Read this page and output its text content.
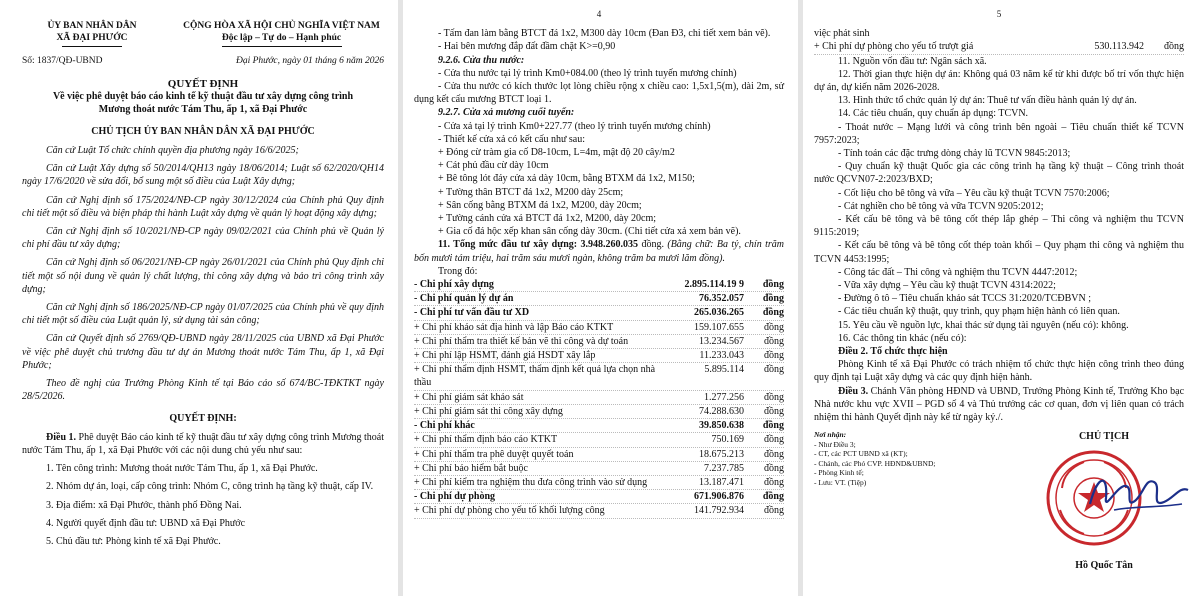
ỦY BAN NHÂN DÂN
XÃ ĐẠI PHƯỚC
CỘNG HÒA XÃ HỘI CHỦ NGHĨA VIỆT NAM
Độc lập – Tự do – Hạnh phúc
Số: 1837/QĐ-UBND	Đại Phước, ngày 01 tháng 6 năm 2026
QUYẾT ĐỊNH
Về việc phê duyệt báo cáo kinh tế kỹ thuật đầu tư xây dựng công trình
Mương thoát nước Tám Thu, ấp 1, xã Đại Phước
CHỦ TỊCH ỦY BAN NHÂN DÂN XÃ ĐẠI PHƯỚC

Căn cứ Luật Tổ chức chính quyền địa phương ngày 16/6/2025;

Căn cứ Luật Xây dựng số 50/2014/QH13 ngày 18/06/2014; Luật số 62/2020/QH14 ngày 17/6/2020 về sửa đổi, bổ sung một số điều của Luật Xây dựng;

Căn cứ Nghị định số 175/2024/NĐ-CP ngày 30/12/2024 của Chính phủ Quy định chi tiết một số điều và biện pháp thi hành Luật xây dựng về quản lý hoạt động xây dựng;

Căn cứ Nghị định số 10/2021/NĐ-CP ngày 09/02/2021 của Chính phủ về Quản lý chi phí đầu tư xây dựng;

Căn cứ Nghị định số 06/2021/NĐ-CP ngày 26/01/2021 của Chính phủ Quy định chi tiết một số nội dung về quản lý chất lượng, thi công xây dựng và bảo trì công trình xây dựng;

Căn cứ Nghị định số 186/2025/NĐ-CP ngày 01/07/2025 của Chính phủ về quy định chi tiết một số điều của Luật quản lý, sử dụng tài sản công;

Căn cứ Quyết định số 2769/QĐ-UBND ngày 28/11/2025 của UBND xã Đại Phước về việc phê duyệt chủ trương đầu tư dự án Mương thoát nước Tám Thu, ấp 1, xã Đại Phước;

Theo đề nghị của Trưởng Phòng Kinh tế tại Báo cáo số 674/BC-TĐKTKT ngày 28/5/2026.

QUYẾT ĐỊNH:

Điều 1. Phê duyệt Báo cáo kinh tế kỹ thuật đầu tư xây dựng công trình Mương thoát nước Tám Thu, ấp 1, xã Đại Phước với các nội dung chủ yếu như sau:

1. Tên công trình: Mương thoát nước Tám Thu, ấp 1, xã Đại Phước.

2. Nhóm dự án, loại, cấp công trình: Nhóm C, công trình hạ tầng kỹ thuật, cấp IV.

3. Địa điểm: xã Đại Phước, thành phố Đồng Nai.

4. Người quyết định đầu tư: UBND xã Đại Phước

5. Chủ đầu tư: Phòng kinh tế xã Đại Phước.

4

- Tấm đan làm bằng BTCT đá 1x2, M300 dày 10cm (Đan Đ3, chi tiết xem bản vẽ).

- Hai bên mương đắp đất đầm chặt K>=0,90

9.2.6. Cửa thu nước:

- Cửa thu nước tại lý trình Km0+084.00 (theo lý trình tuyến mương chính)

- Cửa thu nước có kích thước lọt lòng chiều rộng x chiều cao: 1,5x1,5(m), dài 2m, sử dụng kết cấu mương BTCT loại 1.

9.2.7. Cửa xả mương cuối tuyến:

- Cửa xả tại lý trình Km0+227.77 (theo lý trình tuyến mương chính)

- Thiết kế cửa xả có kết cấu như sau:

+ Đóng cừ tràm gia cố D8-10cm, L=4m, mật độ 20 cây/m2

+ Cát phủ đầu cừ dày 10cm

+ Bê tông lót đáy cửa xả dày 10cm, bằng BTXM đá 1x2, M150;

+ Tường thân BTCT đá 1x2, M200 dày 25cm;

+ Sân cống bằng BTXM đá 1x2, M200, dày 20cm;

+ Tường cánh cửa xả BTCT đá 1x2, M200, dày 20cm;

+ Gia cố đá hộc xếp khan sân cống dày 30cm. (Chi tiết cửa xả xem bản vẽ).

11. Tổng mức đầu tư xây dựng: 3.948.260.035 đồng. (Bằng chữ: Ba tỷ, chín trăm bốn mươi tám triệu, hai trăm sáu mươi ngàn, không trăm ba mươi lăm đồng).

Trong đó:

- Chi phí xây dựng	2.895.114.19 9	đồng
- Chi phí quản lý dự án	76.352.057	đồng
- Chi phí tư vấn đầu tư XD	265.036.265	đồng
+ Chi phí khảo sát địa hình và lập Báo cáo KTKT	159.107.655	đồng
+ Chi phí thẩm tra thiết kế bản vẽ thi công và dự toán	13.234.567	đồng
+ Chi phí lập HSMT, đánh giá HSDT xây lắp	11.233.043	đồng
+ Chi phí thẩm định HSMT, thẩm định kết quả lựa chọn nhà thầu
5.895.114	đồng
+ Chi phí giám sát khảo sát	1.277.256	đồng
+ Chi phí giám sát thi công xây dựng	74.288.630	đồng
- Chi phí khác	39.850.638	đồng
+ Chi phí thẩm định báo cáo KTKT	750.169	đồng
+ Chi phí thẩm tra phê duyệt quyết toán	18.675.213	đồng
+ Chi phí bảo hiểm bắt buộc	7.237.785	đồng
+ Chi phí kiểm tra nghiệm thu đưa công trình vào sử dụng	13.187.471	đồng
- Chi phí dự phòng	671.906.876	đồng
+ Chi phí dự phòng cho yếu tố khối lượng công	141.792.934	đồng
5

việc phát sinh

+ Chi phí dự phòng cho yếu tố trượt giá	530.113.942	đồng

11. Nguồn vốn đầu tư: Ngân sách xã.

12. Thời gian thực hiện dự án: Không quá 03 năm kể từ khi được bố trí vốn thực hiện dự án, dự kiến năm 2026-2028.

13. Hình thức tổ chức quản lý dự án: Thuê tư vấn điều hành quản lý dự án.

14. Các tiêu chuẩn, quy chuẩn áp dụng: TCVN.

- Thoát nước – Mạng lưới và công trình bên ngoài – Tiêu chuẩn thiết kế TCVN 7957:2023;

- Tính toán các đặc trưng dòng chảy lũ TCVN 9845:2013;

- Quy chuẩn kỹ thuật Quốc gia các công trình hạ tầng kỹ thuật – Công trình thoát nước QCVN07-2:2023/BXD;

- Cốt liệu cho bê tông và vữa – Yêu cầu kỹ thuật TCVN 7570:2006;

- Cát nghiền cho bê tông và vữa TCVN 9205:2012;

- Kết cấu bê tông và bê tông cốt thép lắp ghép – Thi công và nghiệm thu TCVN 9115:2019;

- Kết cấu bê tông và bê tông cốt thép toàn khối – Quy phạm thi công và nghiệm thu TCVN 4453:1995;

- Công tác đất – Thi công và nghiệm thu TCVN 4447:2012;

- Vữa xây dựng – Yêu cầu kỹ thuật TCVN 4314:2022;

- Đường ô tô – Tiêu chuẩn khảo sát TCCS 31:2020/TCĐBVN ;

- Các tiêu chuẩn kỹ thuật, quy trình, quy phạm hiện hành có liên quan.

15. Yêu cầu về nguồn lực, khai thác sử dụng tài nguyên (nếu có): không.

16. Các thông tin khác (nếu có):

Điều 2. Tổ chức thực hiện

Phòng Kinh tế xã Đại Phước có trách nhiệm tổ chức thực hiện công trình theo đúng quy định tại Luật xây dựng và các quy định hiện hành.

Điều 3. Chánh Văn phòng HĐND và UBND, Trưởng Phòng Kinh tế, Trưởng Kho bạc Nhà nước khu vực XVII – PGD số 4 và Thủ trưởng các cơ quan, đơn vị liên quan có trách nhiệm thi hành Quyết định này kể từ ngày ký./.

Nơi nhận:
- Như Điều 3;
- CT, các PCT UBND xã (KT);
- Chánh, các Phó CVP. HĐND&UBND;
- Phòng Kinh tế;
- Lưu: VT. (Tiệp)
CHỦ TỊCH
Hồ Quốc Tân
